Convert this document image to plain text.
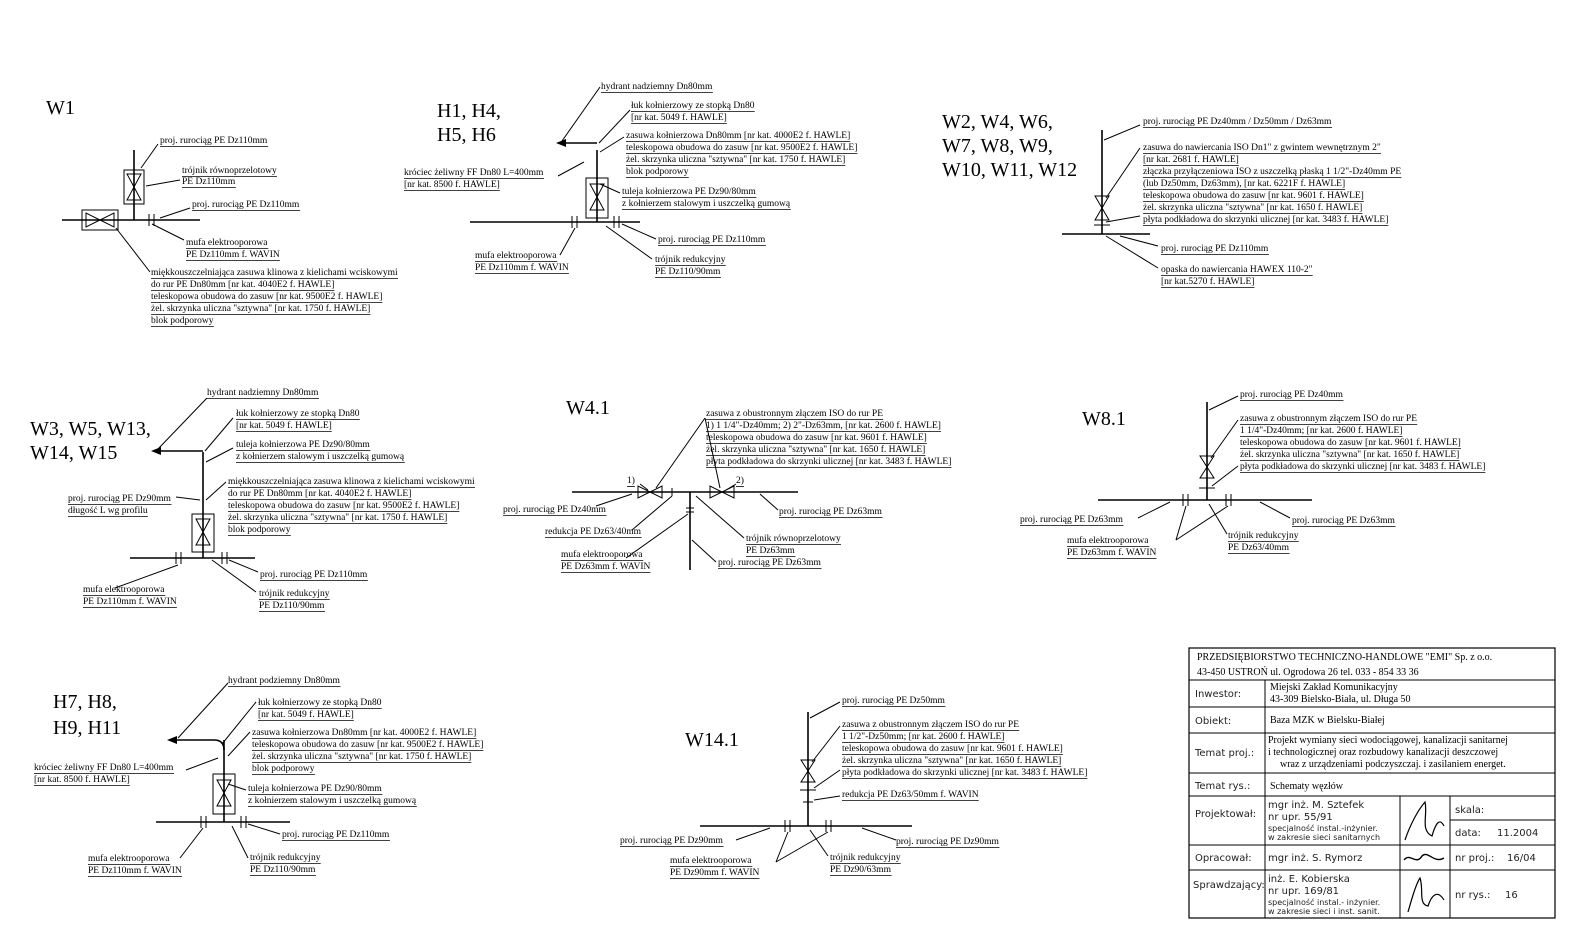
W1
proj. rurociąg PE Dz110mm
trójnik równoprzelotowy
PE Dz110mm
proj. rurociąg PE Dz110mm
mufa elektrooporowa
PE Dz110mm f. WAVIN
miękkouszczelniająca zasuwa klinowa z kielichami wciskowymi
do rur PE Dn80mm [nr kat. 4040E2 f. HAWLE]
teleskopowa obudowa do zasuw [nr kat. 9500E2 f. HAWLE]
żel. skrzynka uliczna "sztywna" [nr kat. 1750 f. HAWLE]
blok podporowy
H1, H4,
H5, H6
hydrant nadziemny Dn80mm
łuk kołnierzowy ze stopką Dn80
[nr kat. 5049 f. HAWLE]
zasuwa kołnierzowa Dn80mm [nr kat. 4000E2 f. HAWLE]
teleskopowa obudowa do zasuw [nr kat. 9500E2 f. HAWLE]
żel. skrzynka uliczna "sztywna" [nr kat. 1750 f. HAWLE]
blok podporowy
króciec żeliwny FF Dn80 L=400mm
[nr kat. 8500 f. HAWLE]
tuleja kołnierzowa PE Dz90/80mm
z kołnierzem stalowym i uszczelką gumową
proj. rurociąg PE Dz110mm
mufa elektrooporowa
PE Dz110mm f. WAVIN
trójnik redukcyjny
PE Dz110/90mm
W2, W4, W6,
W7, W8, W9,
W10, W11, W12
proj. rurociąg PE Dz40mm / Dz50mm / Dz63mm
zasuwa do nawiercania ISO Dn1" z gwintem wewnętrznym 2"
[nr kat. 2681 f. HAWLE]
złączka przyłączeniowa ISO z uszczelką płaską 1 1/2"-Dz40mm PE
(lub Dz50mm, Dz63mm), [nr kat. 6221F f. HAWLE]
teleskopowa obudowa do zasuw [nr kat. 9601 f. HAWLE]
żel. skrzynka uliczna "sztywna" [nr kat. 1650 f. HAWLE]
płyta podkładowa do skrzynki ulicznej [nr kat. 3483 f. HAWLE]
proj. rurociąg PE Dz110mm
opaska do nawiercania HAWEX 110-2"
[nr kat.5270 f. HAWLE]
W3, W5, W13,
W14, W15
hydrant nadziemny Dn80mm
łuk kołnierzowy ze stopką Dn80
[nr kat. 5049 f. HAWLE]
tuleja kołnierzowa PE Dz90/80mm
z kołnierzem stalowym i uszczelką gumową
miękkouszczelniająca zasuwa klinowa z kielichami wciskowymi
do rur PE Dn80mm [nr kat. 4040E2 f. HAWLE]
teleskopowa obudowa do zasuw [nr kat. 9500E2 f. HAWLE]
żel. skrzynka uliczna "sztywna" [nr kat. 1750 f. HAWLE]
blok podporowy
proj. rurociąg PE Dz90mm
długość L wg profilu
proj. rurociąg PE Dz110mm
mufa elektrooporowa
PE Dz110mm f. WAVIN
trójnik redukcyjny
PE Dz110/90mm
W4.1	zasuwa z obustronnym złączem ISO do rur PE
1) 1 1/4"-Dz40mm; 2) 2"-Dz63mm, [nr kat. 2600 f. HAWLE]
teleskopowa obudowa do zasuw [nr kat. 9601 f. HAWLE]
żel. skrzynka uliczna "sztywna" [nr kat. 1650 f. HAWLE]
płyta podkładowa do skrzynki ulicznej [nr kat. 3483 f. HAWLE]
1)	2)
proj. rurociąg PE Dz40mm	proj. rurociąg PE Dz63mm
redukcja PE Dz63/40mm
trójnik równoprzelotowy
PE Dz63mm
mufa elektrooporowa
PE Dz63mm f. WAVIN	proj. rurociąg PE Dz63mm
W8.1
proj. rurociąg PE Dz40mm
zasuwa z obustronnym złączem ISO do rur PE
1 1/4"-Dz40mm; [nr kat. 2600 f. HAWLE]
teleskopowa obudowa do zasuw [nr kat. 9601 f. HAWLE]
żel. skrzynka uliczna "sztywna" [nr kat. 1650 f. HAWLE]
płyta podkładowa do skrzynki ulicznej [nr kat. 3483 f. HAWLE]
proj. rurociąg PE Dz63mm	proj. rurociąg PE Dz63mm
mufa elektrooporowa
PE Dz63mm f. WAVIN
trójnik redukcyjny
PE Dz63/40mm
H7, H8,
H9, H11
hydrant podziemny Dn80mm
łuk kołnierzowy ze stopką Dn80
[nr kat. 5049 f. HAWLE]
zasuwa kołnierzowa Dn80mm [nr kat. 4000E2 f. HAWLE]
teleskopowa obudowa do zasuw [nr kat. 9500E2 f. HAWLE]
żel. skrzynka uliczna "sztywna" [nr kat. 1750 f. HAWLE]
blok podporowy
króciec żeliwny FF Dn80 L=400mm
[nr kat. 8500 f. HAWLE]
tuleja kołnierzowa PE Dz90/80mm
z kołnierzem stalowym i uszczelką gumową
proj. rurociąg PE Dz110mm
mufa elektrooporowa
PE Dz110mm f. WAVIN
trójnik redukcyjny
PE Dz110/90mm
W14.1
proj. rurociąg PE Dz50mm
zasuwa z obustronnym złączem ISO do rur PE
1 1/2"-Dz50mm; [nr kat. 2600 f. HAWLE]
teleskopowa obudowa do zasuw [nr kat. 9601 f. HAWLE]
żel. skrzynka uliczna "sztywna" [nr kat. 1650 f. HAWLE]
płyta podkładowa do skrzynki ulicznej [nr kat. 3483 f. HAWLE]
redukcja PE Dz63/50mm f. WAVIN
proj. rurociąg PE Dz90mm	proj. rurociąg PE Dz90mm
mufa elektrooporowa
PE Dz90mm f. WAVIN
trójnik redukcyjny
PE Dz90/63mm
PRZEDSIĘBIORSTWO TECHNICZNO-HANDLOWE "EMI" Sp. z o.o.
43-450 USTROŃ ul. Ogrodowa 26 tel. 033 - 854 33 36
Inwestor:
Miejski Zakład Komunikacyjny
43-309 Bielsko-Biała, ul. Długa 50
Obiekt:	Baza MZK w Bielsku-Białej
Temat proj.:
Projekt wymiany sieci wodociągowej, kanalizacji sanitarnej
i technologicznej oraz rozbudowy kanalizacji deszczowej
wraz z urządzeniami podczyszczaj. i zasilaniem energet.
Temat rys.: Schematy węzłów
Projektował:
mgr inż. M. Sztefek
nr upr. 55/91
specjalność instal.-inżynier.
w zakresie sieci sanitarnych
skala:
data: 11.2004
Opracował: mgr inż. S. Rymorz	nr proj.: 16/04
Sprawdzający:
inż. E. Kobierska
nr upr. 169/81
specjalność instal.- inżynier.
w zakresie sieci i inst. sanit.
nr rys.: 16
